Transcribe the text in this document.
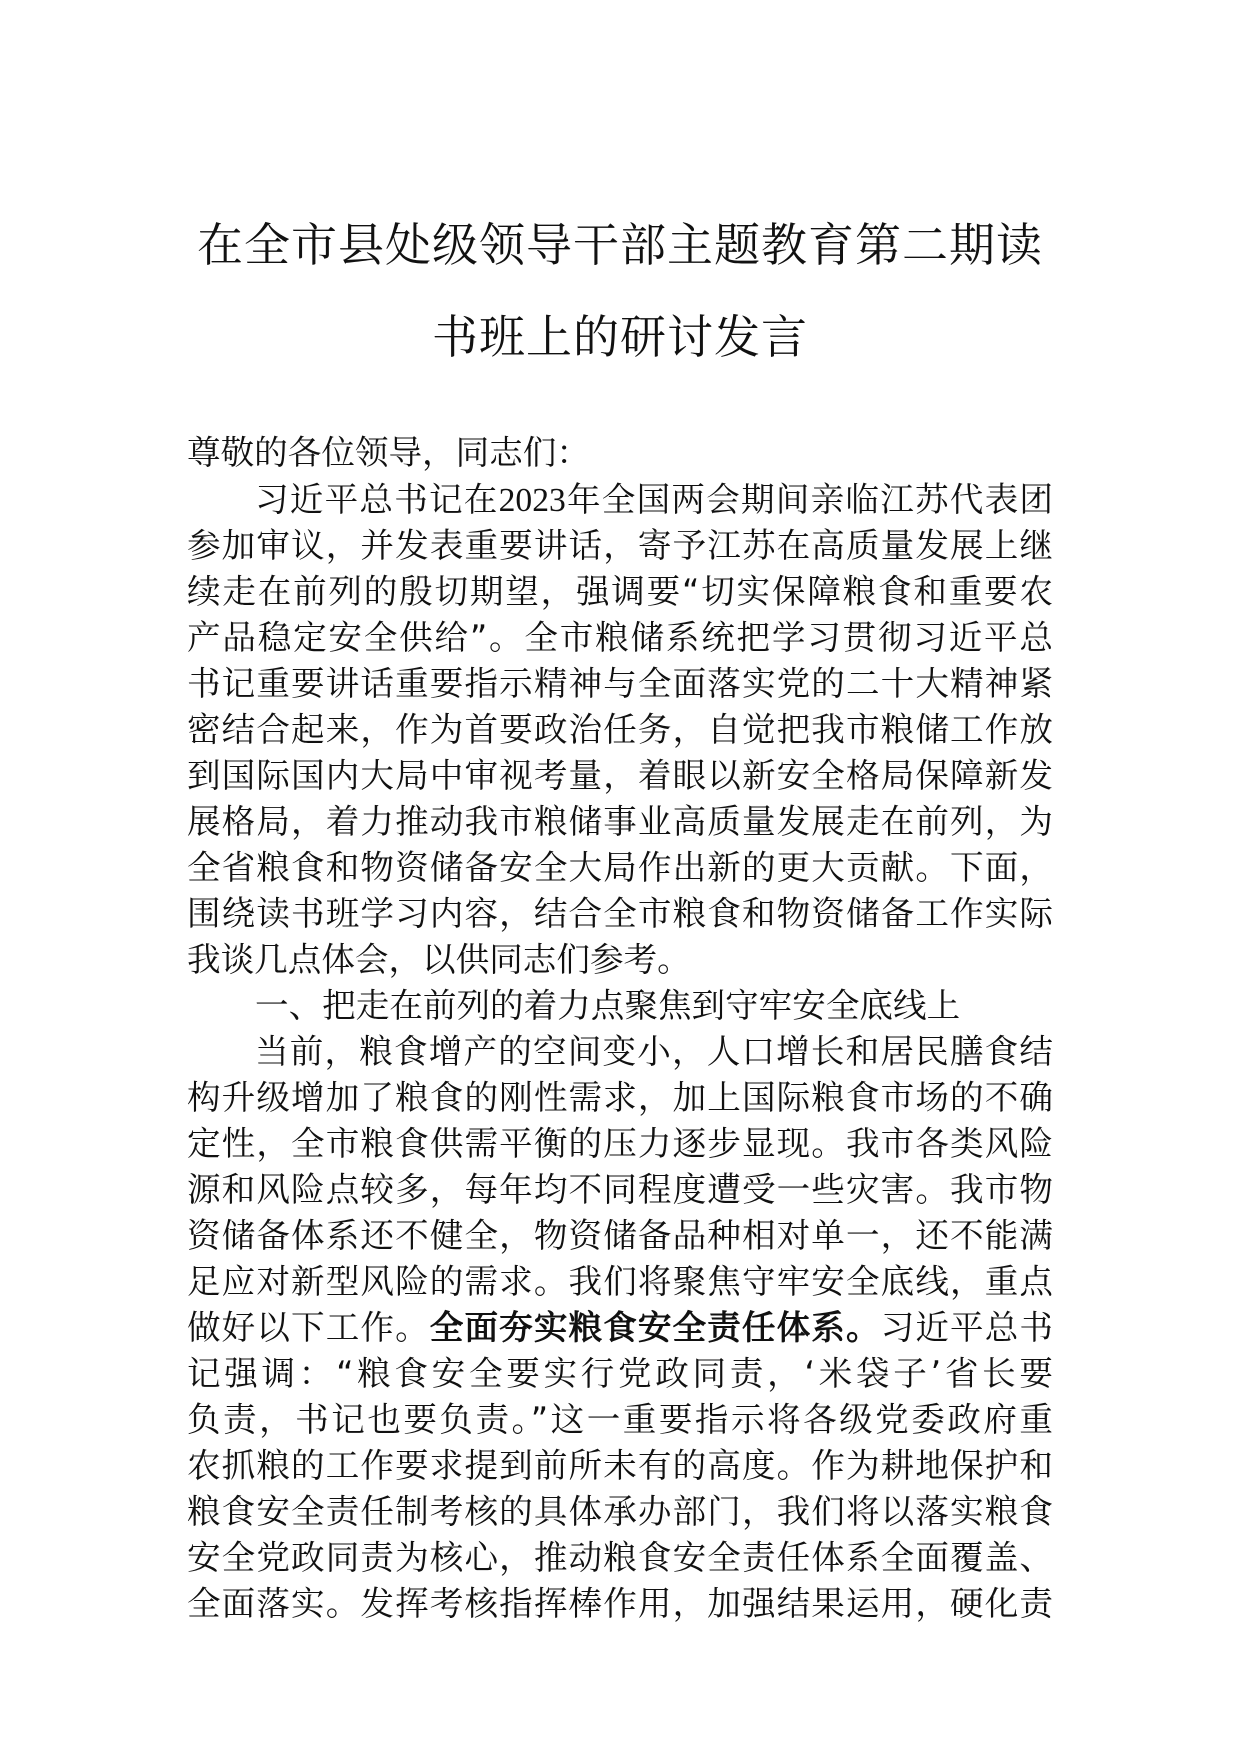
在全市县处级领导干部主题教育第二期读
书班上的研讨发言
尊敬的各位领导，同志们：
习近平总书记在2023年全国两会期间亲临江苏代表团
参加审议，并发表重要讲话，寄予江苏在高质量发展上继
续走在前列的殷切期望，强调要“切实保障粮食和重要农
产品稳定安全供给”。全市粮储系统把学习贯彻习近平总
书记重要讲话重要指示精神与全面落实党的二十大精神紧
密结合起来，作为首要政治任务，自觉把我市粮储工作放
到国际国内大局中审视考量，着眼以新安全格局保障新发
展格局，着力推动我市粮储事业高质量发展走在前列，为
全省粮食和物资储备安全大局作出新的更大贡献。下面，
围绕读书班学习内容，结合全市粮食和物资储备工作实际
我谈几点体会，以供同志们参考。
一、把走在前列的着力点聚焦到守牢安全底线上
当前，粮食增产的空间变小，人口增长和居民膳食结
构升级增加了粮食的刚性需求，加上国际粮食市场的不确
定性，全市粮食供需平衡的压力逐步显现。我市各类风险
源和风险点较多，每年均不同程度遭受一些灾害。我市物
资储备体系还不健全，物资储备品种相对单一，还不能满
足应对新型风险的需求。我们将聚焦守牢安全底线，重点
做好以下工作。全面夯实粮食安全责任体系。习近平总书
记强调：“粮食安全要实行党政同责，‘米袋子’省长要
负责，书记也要负责。”这一重要指示将各级党委政府重
农抓粮的工作要求提到前所未有的高度。作为耕地保护和
粮食安全责任制考核的具体承办部门，我们将以落实粮食
安全党政同责为核心，推动粮食安全责任体系全面覆盖、
全面落实。发挥考核指挥棒作用，加强结果运用，硬化责
